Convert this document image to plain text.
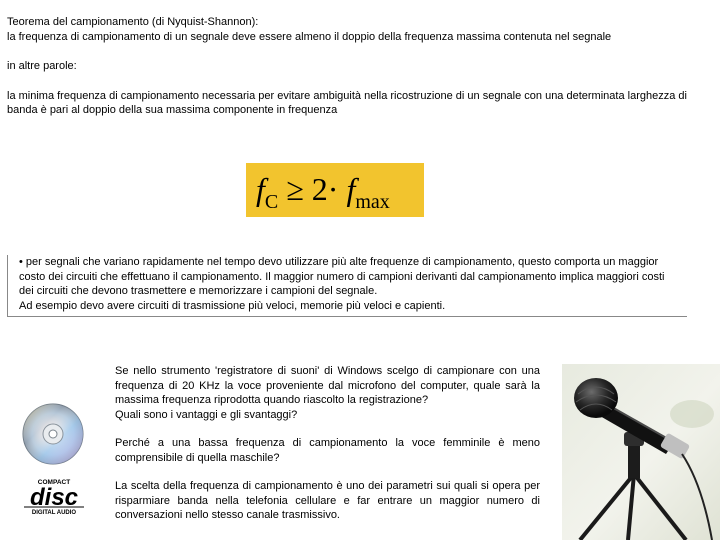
Teorema del campionamento (di Nyquist-Shannon):

la frequenza di campionamento di un segnale deve essere almeno il doppio della frequenza massima contenuta nel segnale

in altre parole:

la minima frequenza di campionamento necessaria per evitare ambiguità nella ricostruzione di un segnale con una determinata larghezza di banda è pari al doppio della sua massima componente in frequenza

$f_C \ge 2\cdot f_{max}$

• per segnali che variano rapidamente nel tempo devo utilizzare più alte frequenze di campionamento, questo comporta un maggior costo dei circuiti che effettuano il campionamento. Il maggior numero di campioni derivanti dal campionamento implica maggiori costi dei circuiti che devono trasmettere e memorizzare i campioni del segnale.

Ad esempio devo avere circuiti di trasmissione più veloci, memorie più veloci e capienti.

Se nello strumento 'registratore di suoni' di Windows scelgo di campionare con una frequenza di 20 KHz la voce proveniente dal microfono del computer, quale sarà la massima frequenza riprodotta quando riascolto la registrazione?

Quali sono i vantaggi e gli svantaggi?

Perché a una bassa frequenza di campionamento la voce femminile è meno comprensibile di quella maschile?

La scelta della frequenza di campionamento è uno dei parametri sui quali si opera per risparmiare banda nella telefonia cellulare e far entrare un maggior numero di conversazioni nello stesso canale trasmissivo.

COMPACT
disc
DIGITAL AUDIO
